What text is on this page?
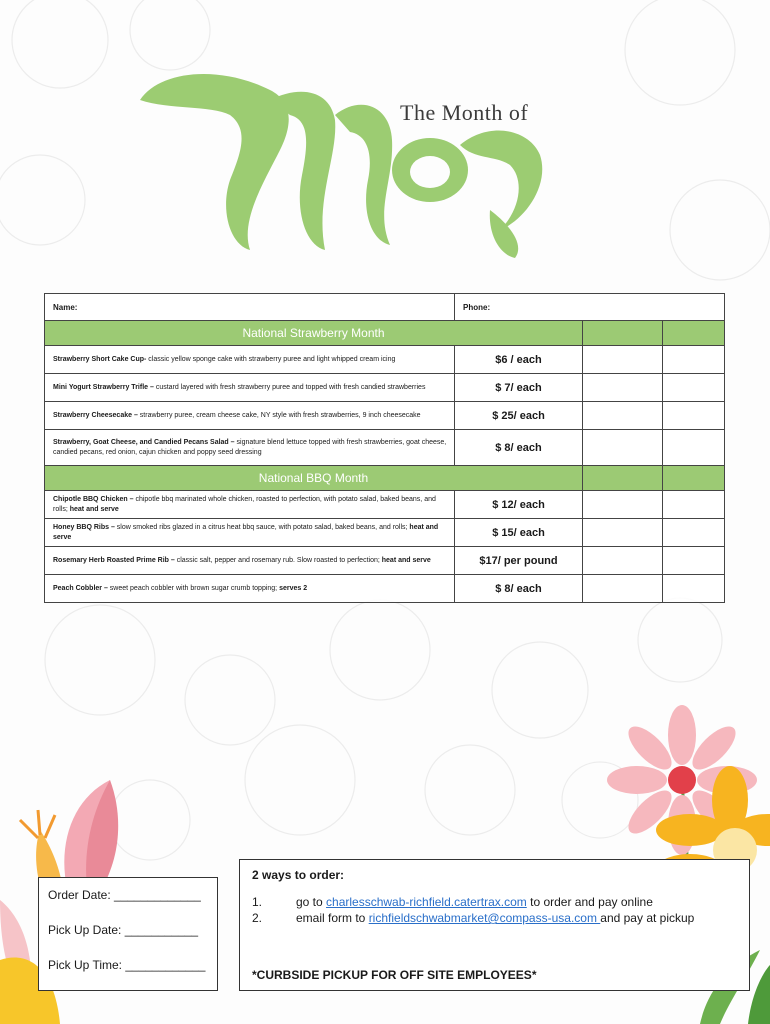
The Month of
Name:	Phone:		
National Strawberry Month			
Strawberry Short Cake Cup- classic yellow sponge cake with strawberry puree and light whipped cream icing	$6 / each		
Mini Yogurt Strawberry Trifle – custard layered with fresh strawberry puree and topped with fresh candied strawberries	$ 7/ each		
Strawberry Cheesecake – strawberry puree, cream cheese cake, NY style with fresh strawberries, 9 inch cheesecake	$ 25/ each		
Strawberry, Goat Cheese, and Candied Pecans Salad – signature blend lettuce topped with fresh strawberries, goat cheese, candied pecans, red onion, cajun chicken and poppy seed dressing	$ 8/ each		
National BBQ Month			
Chipotle BBQ Chicken – chipotle bbq marinated whole chicken, roasted to perfection, with potato salad, baked beans, and rolls; heat and serve	$ 12/ each		
Honey BBQ Ribs – slow smoked ribs glazed in a citrus heat bbq sauce, with potato salad, baked beans, and rolls; heat and serve	$ 15/ each		
Rosemary Herb Roasted Prime Rib – classic salt, pepper and rosemary rub. Slow roasted to perfection; heat and serve	$17/ per pound		
Peach Cobbler – sweet peach cobbler with brown sugar crumb topping; serves 2	$ 8/ each		
Order Date: _____________
Pick Up Date: ___________
Pick Up Time: ____________
2 ways to order:
1.	go to charlesschwab-richfield.catertrax.com to order and pay online
2.	email form to richfieldschwabmarket@compass-usa.com and pay at pickup
*CURBSIDE PICKUP FOR OFF SITE EMPLOYEES*
